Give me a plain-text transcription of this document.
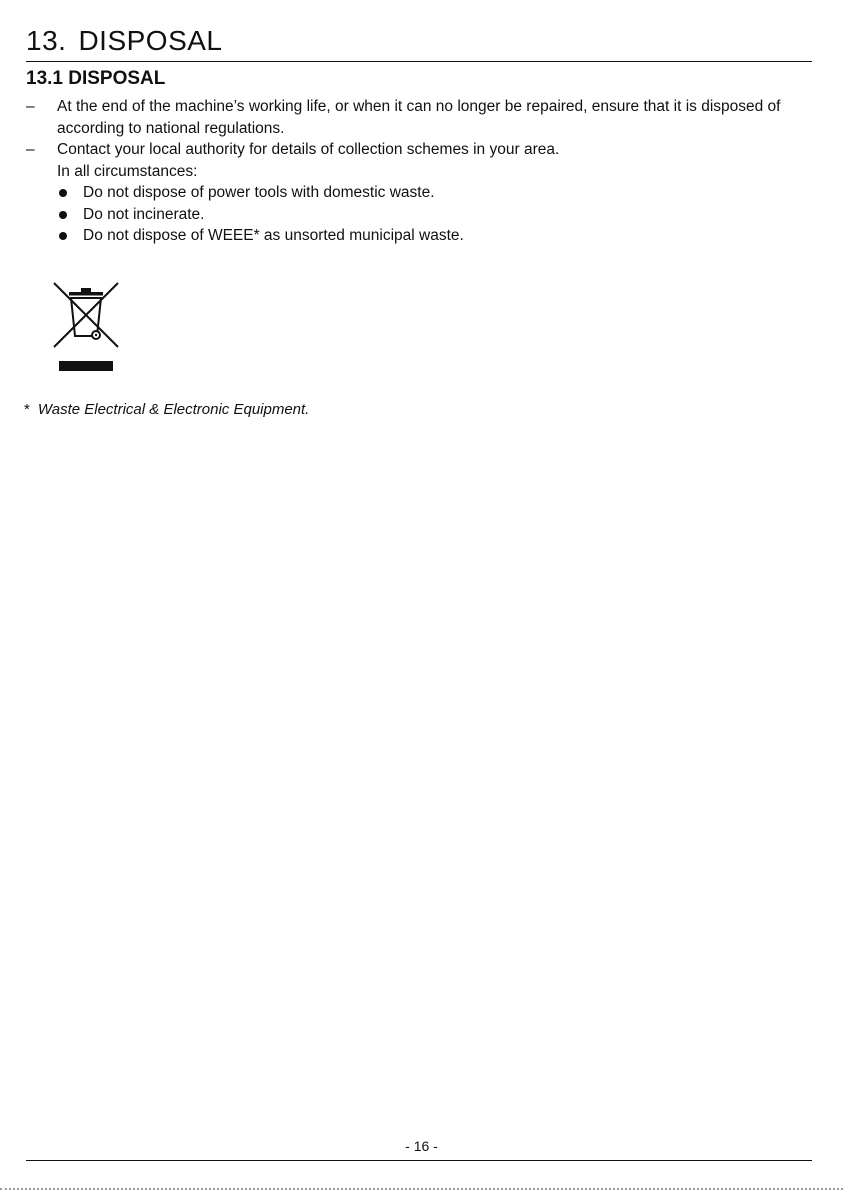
13. DISPOSAL
13.1 DISPOSAL
–	At the end of the machine’s working life, or when it can no longer be repaired, ensure that it is disposed of according to national regulations.
–	Contact your local authority for details of collection schemes in your area.
In all circumstances:
Do not dispose of power tools with domestic waste.
Do not incinerate.
Do not dispose of WEEE* as unsorted municipal waste.
* Waste Electrical & Electronic Equipment.
- 16 -
